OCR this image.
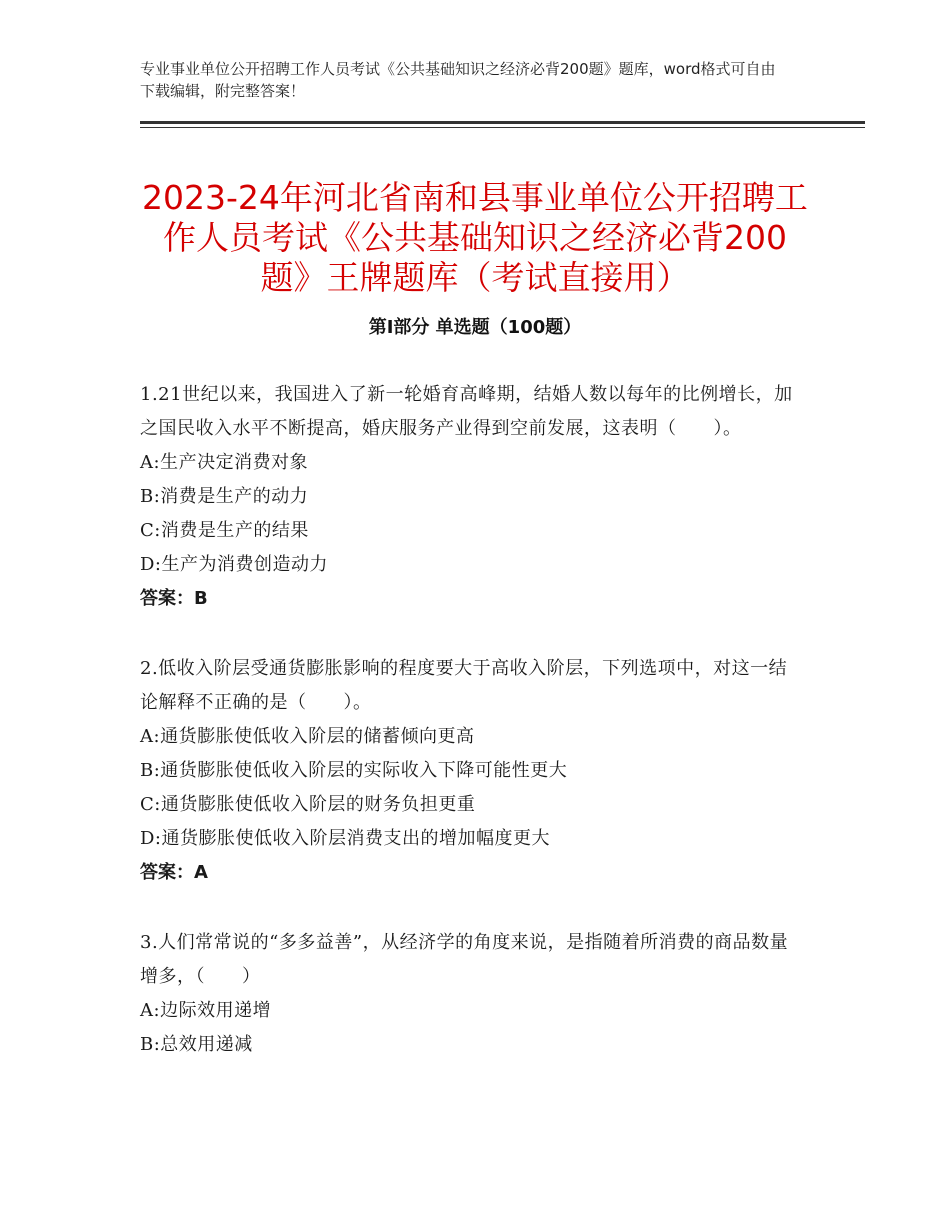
专业事业单位公开招聘工作人员考试《公共基础知识之经济必背200题》题库，word格式可自由下载编辑，附完整答案！
2023-24年河北省南和县事业单位公开招聘工作人员考试《公共基础知识之经济必背200题》王牌题库（考试直接用）
第Ⅰ部分 单选题（100题）
1.21世纪以来，我国进入了新一轮婚育高峰期，结婚人数以每年的比例增长，加之国民收入水平不断提高，婚庆服务产业得到空前发展，这表明（　　）。
A:生产决定消费对象
B:消费是生产的动力
C:消费是生产的结果
D:生产为消费创造动力
答案：B
2.低收入阶层受通货膨胀影响的程度要大于高收入阶层，下列选项中，对这一结论解释不正确的是（　　）。
A:通货膨胀使低收入阶层的储蓄倾向更高
B:通货膨胀使低收入阶层的实际收入下降可能性更大
C:通货膨胀使低收入阶层的财务负担更重
D:通货膨胀使低收入阶层消费支出的增加幅度更大
答案：A
3.人们常常说的“多多益善”，从经济学的角度来说，是指随着所消费的商品数量增多，（　　）
A:边际效用递增
B:总效用递减
